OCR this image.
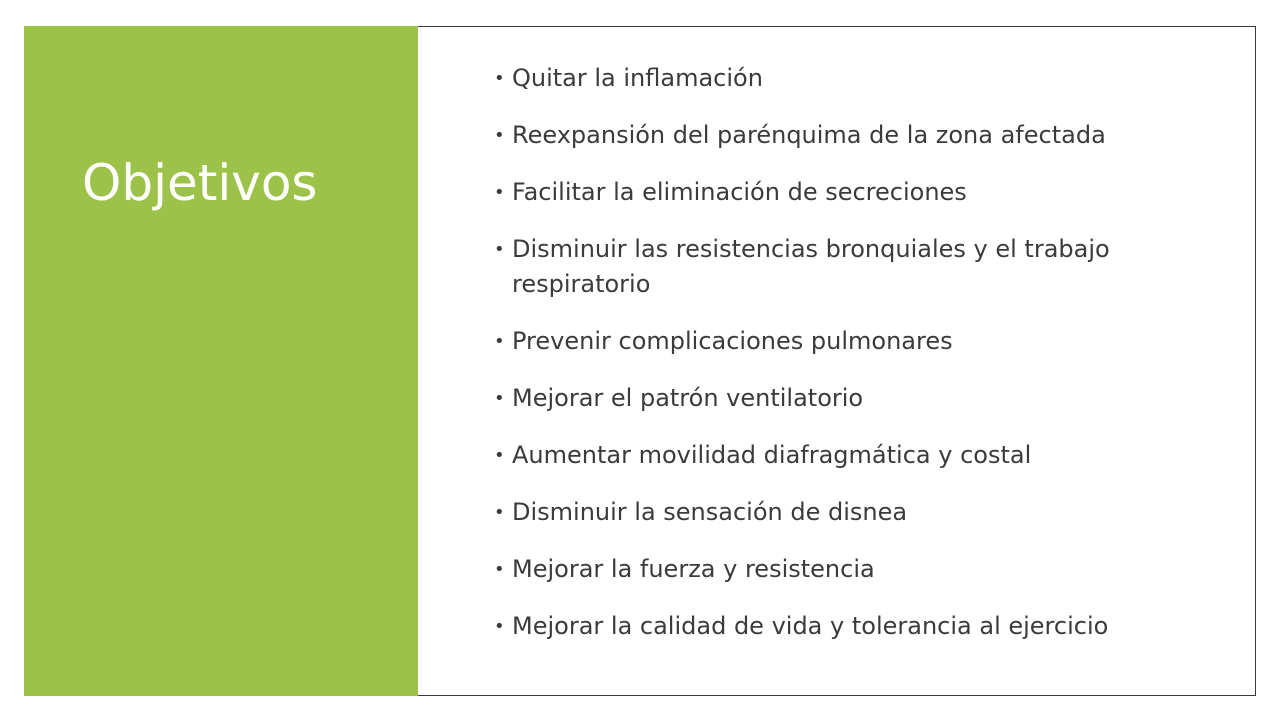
Objetivos
• Quitar la inflamación
• Reexpansión del parénquima de la zona afectada
• Facilitar la eliminación de secreciones
• Disminuir las resistencias bronquiales y el trabajo respiratorio
• Prevenir complicaciones pulmonares
• Mejorar el patrón ventilatorio
• Aumentar movilidad diafragmática y costal
• Disminuir la sensación de disnea
• Mejorar la fuerza y resistencia
• Mejorar la calidad de vida y tolerancia al ejercicio
